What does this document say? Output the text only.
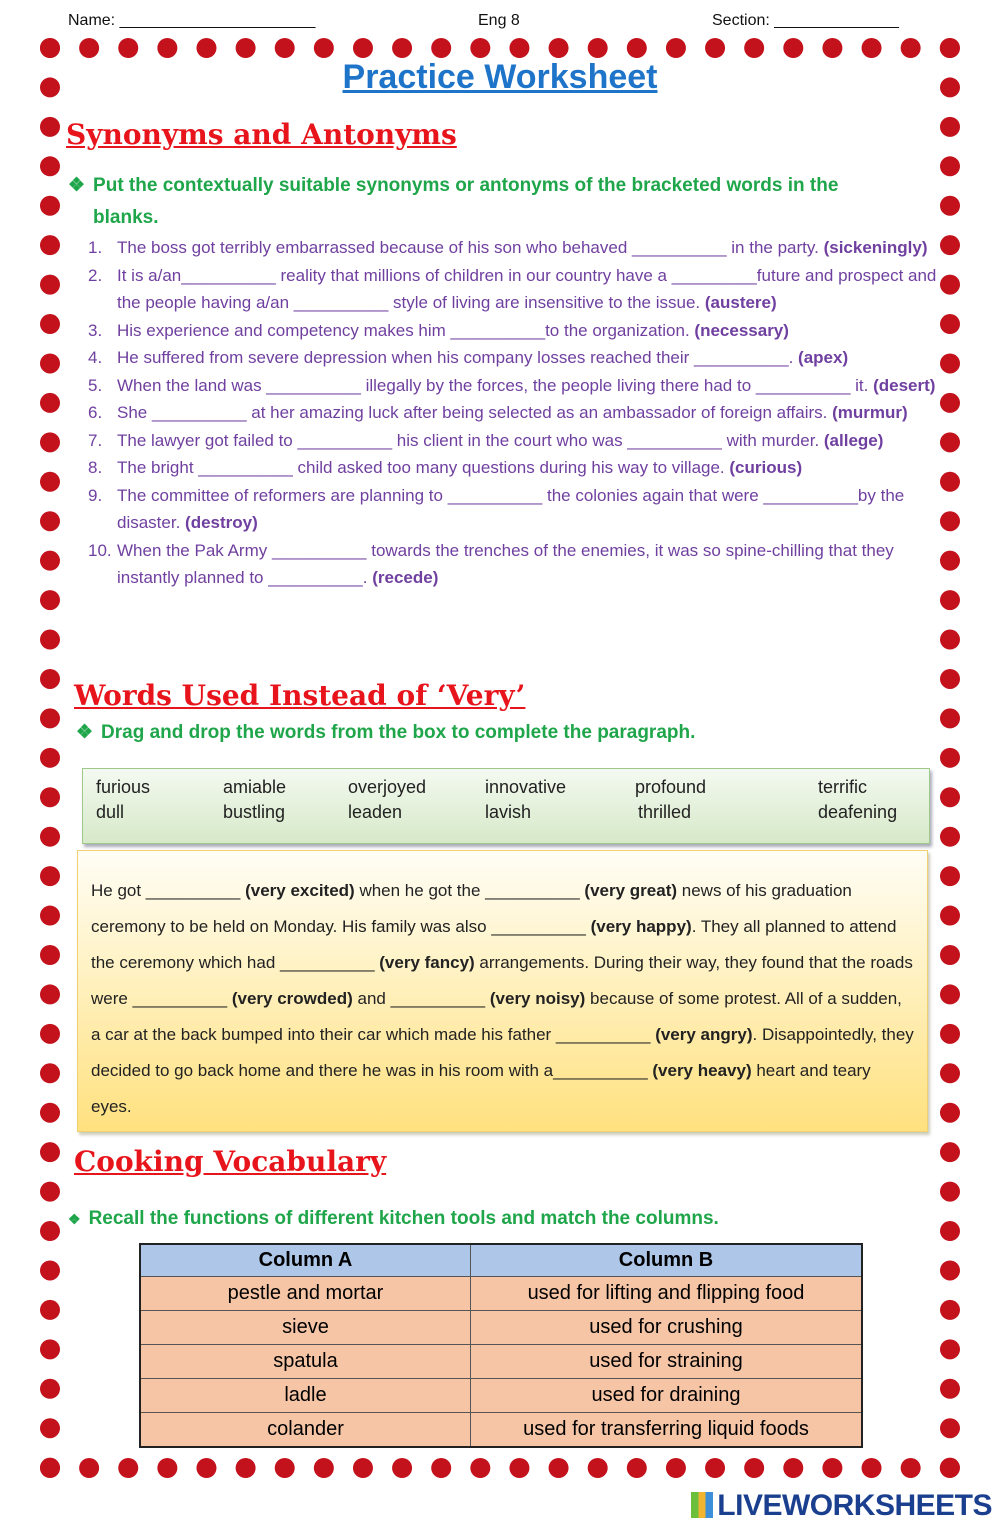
Name: ______________________	Eng 8	Section: ______________
Practice Worksheet
Synonyms and Antonyms
❖ Put the contextually suitable synonyms or antonyms of the bracketed words in the blanks.
1. The boss got terribly embarrassed because of his son who behaved __________ in the party. (sickeningly)
2. It is a/an__________ reality that millions of children in our country have a _________future and prospect and the people having a/an __________ style of living are insensitive to the issue. (austere)
3. His experience and competency makes him __________to the organization. (necessary)
4. He suffered from severe depression when his company losses reached their __________. (apex)
5. When the land was __________ illegally by the forces, the people living there had to __________ it. (desert)
6. She __________ at her amazing luck after being selected as an ambassador of foreign affairs. (murmur)
7. The lawyer got failed to __________ his client in the court who was __________ with murder. (allege)
8. The bright __________ child asked too many questions during his way to village. (curious)
9. The committee of reformers are planning to __________ the colonies again that were __________by the disaster. (destroy)
10. When the Pak Army __________ towards the trenches of the enemies, it was so spine-chilling that they instantly planned to __________. (recede)
Words Used Instead of ‘Very’
❖ Drag and drop the words from the box to complete the paragraph.
furious	amiable	overjoyed	innovative	profound	terrific
dull	bustling	leaden	lavish	thrilled	deafening
He got __________ (very excited) when he got the __________ (very great) news of his graduation ceremony to be held on Monday. His family was also __________ (very happy). They all planned to attend the ceremony which had __________ (very fancy) arrangements. During their way, they found that the roads were __________ (very crowded) and __________ (very noisy) because of some protest. All of a sudden, a car at the back bumped into their car which made his father __________ (very angry). Disappointedly, they decided to go back home and there he was in his room with a__________ (very heavy) heart and teary eyes.
Cooking Vocabulary
❖ Recall the functions of different kitchen tools and match the columns.
Column A	Column B
pestle and mortar	used for lifting and flipping food
sieve	used for crushing
spatula	used for straining
ladle	used for draining
colander	used for transferring liquid foods
LIVEWORKSHEETS
